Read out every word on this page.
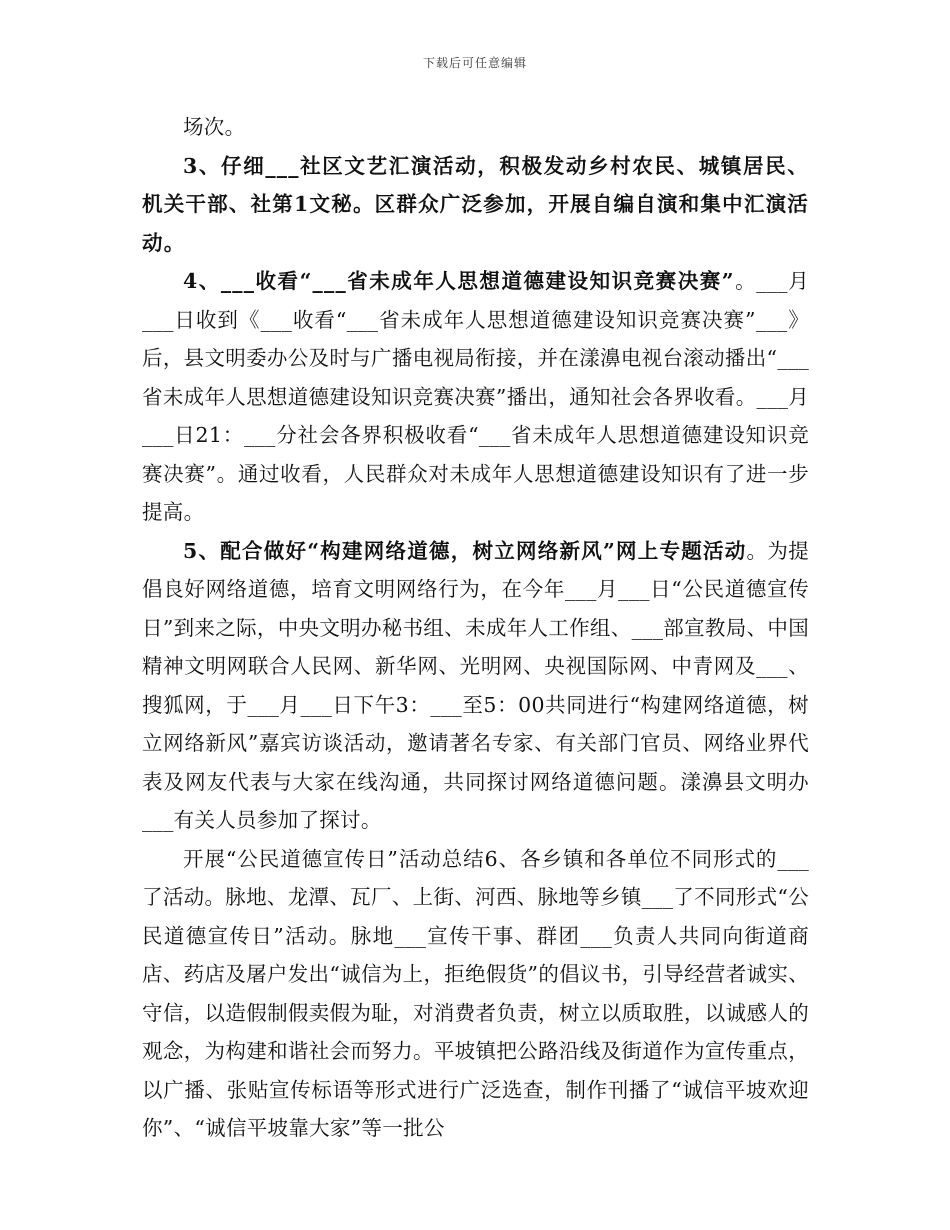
下载后可任意编辑

场次。

3、仔细___社区文艺汇演活动，积极发动乡村农民、城镇居民、机关干部、社第1文秘。区群众广泛参加，开展自编自演和集中汇演活动。

4、___收看“___省未成年人思想道德建设知识竞赛决赛”。___月___日收到《___收看“___省未成年人思想道德建设知识竞赛决赛”___》后，县文明委办公及时与广播电视局衔接，并在漾濞电视台滚动播出“___省未成年人思想道德建设知识竞赛决赛”播出，通知社会各界收看。___月___日21：___分社会各界积极收看“___省未成年人思想道德建设知识竞赛决赛”。通过收看，人民群众对未成年人思想道德建设知识有了进一步提高。

5、配合做好“构建网络道德，树立网络新风”网上专题活动。为提倡良好网络道德，培育文明网络行为，在今年___月___日“公民道德宣传日”到来之际，中央文明办秘书组、未成年人工作组、___部宣教局、中国精神文明网联合人民网、新华网、光明网、央视国际网、中青网及___、搜狐网，于___月___日下午3：___至5：00共同进行“构建网络道德，树立网络新风”嘉宾访谈活动，邀请著名专家、有关部门官员、网络业界代表及网友代表与大家在线沟通，共同探讨网络道德问题。漾濞县文明办___有关人员参加了探讨。

开展“公民道德宣传日”活动总结6、各乡镇和各单位不同形式的___了活动。脉地、龙潭、瓦厂、上街、河西、脉地等乡镇___了不同形式“公民道德宣传日”活动。脉地___宣传干事、群团___负责人共同向街道商店、药店及屠户发出“诚信为上，拒绝假货”的倡议书，引导经营者诚实、守信，以造假制假卖假为耻，对消费者负责，树立以质取胜，以诚感人的观念，为构建和谐社会而努力。平坡镇把公路沿线及街道作为宣传重点，以广播、张贴宣传标语等形式进行广泛选查，制作刊播了“诚信平坡欢迎你”、“诚信平坡靠大家”等一批公
